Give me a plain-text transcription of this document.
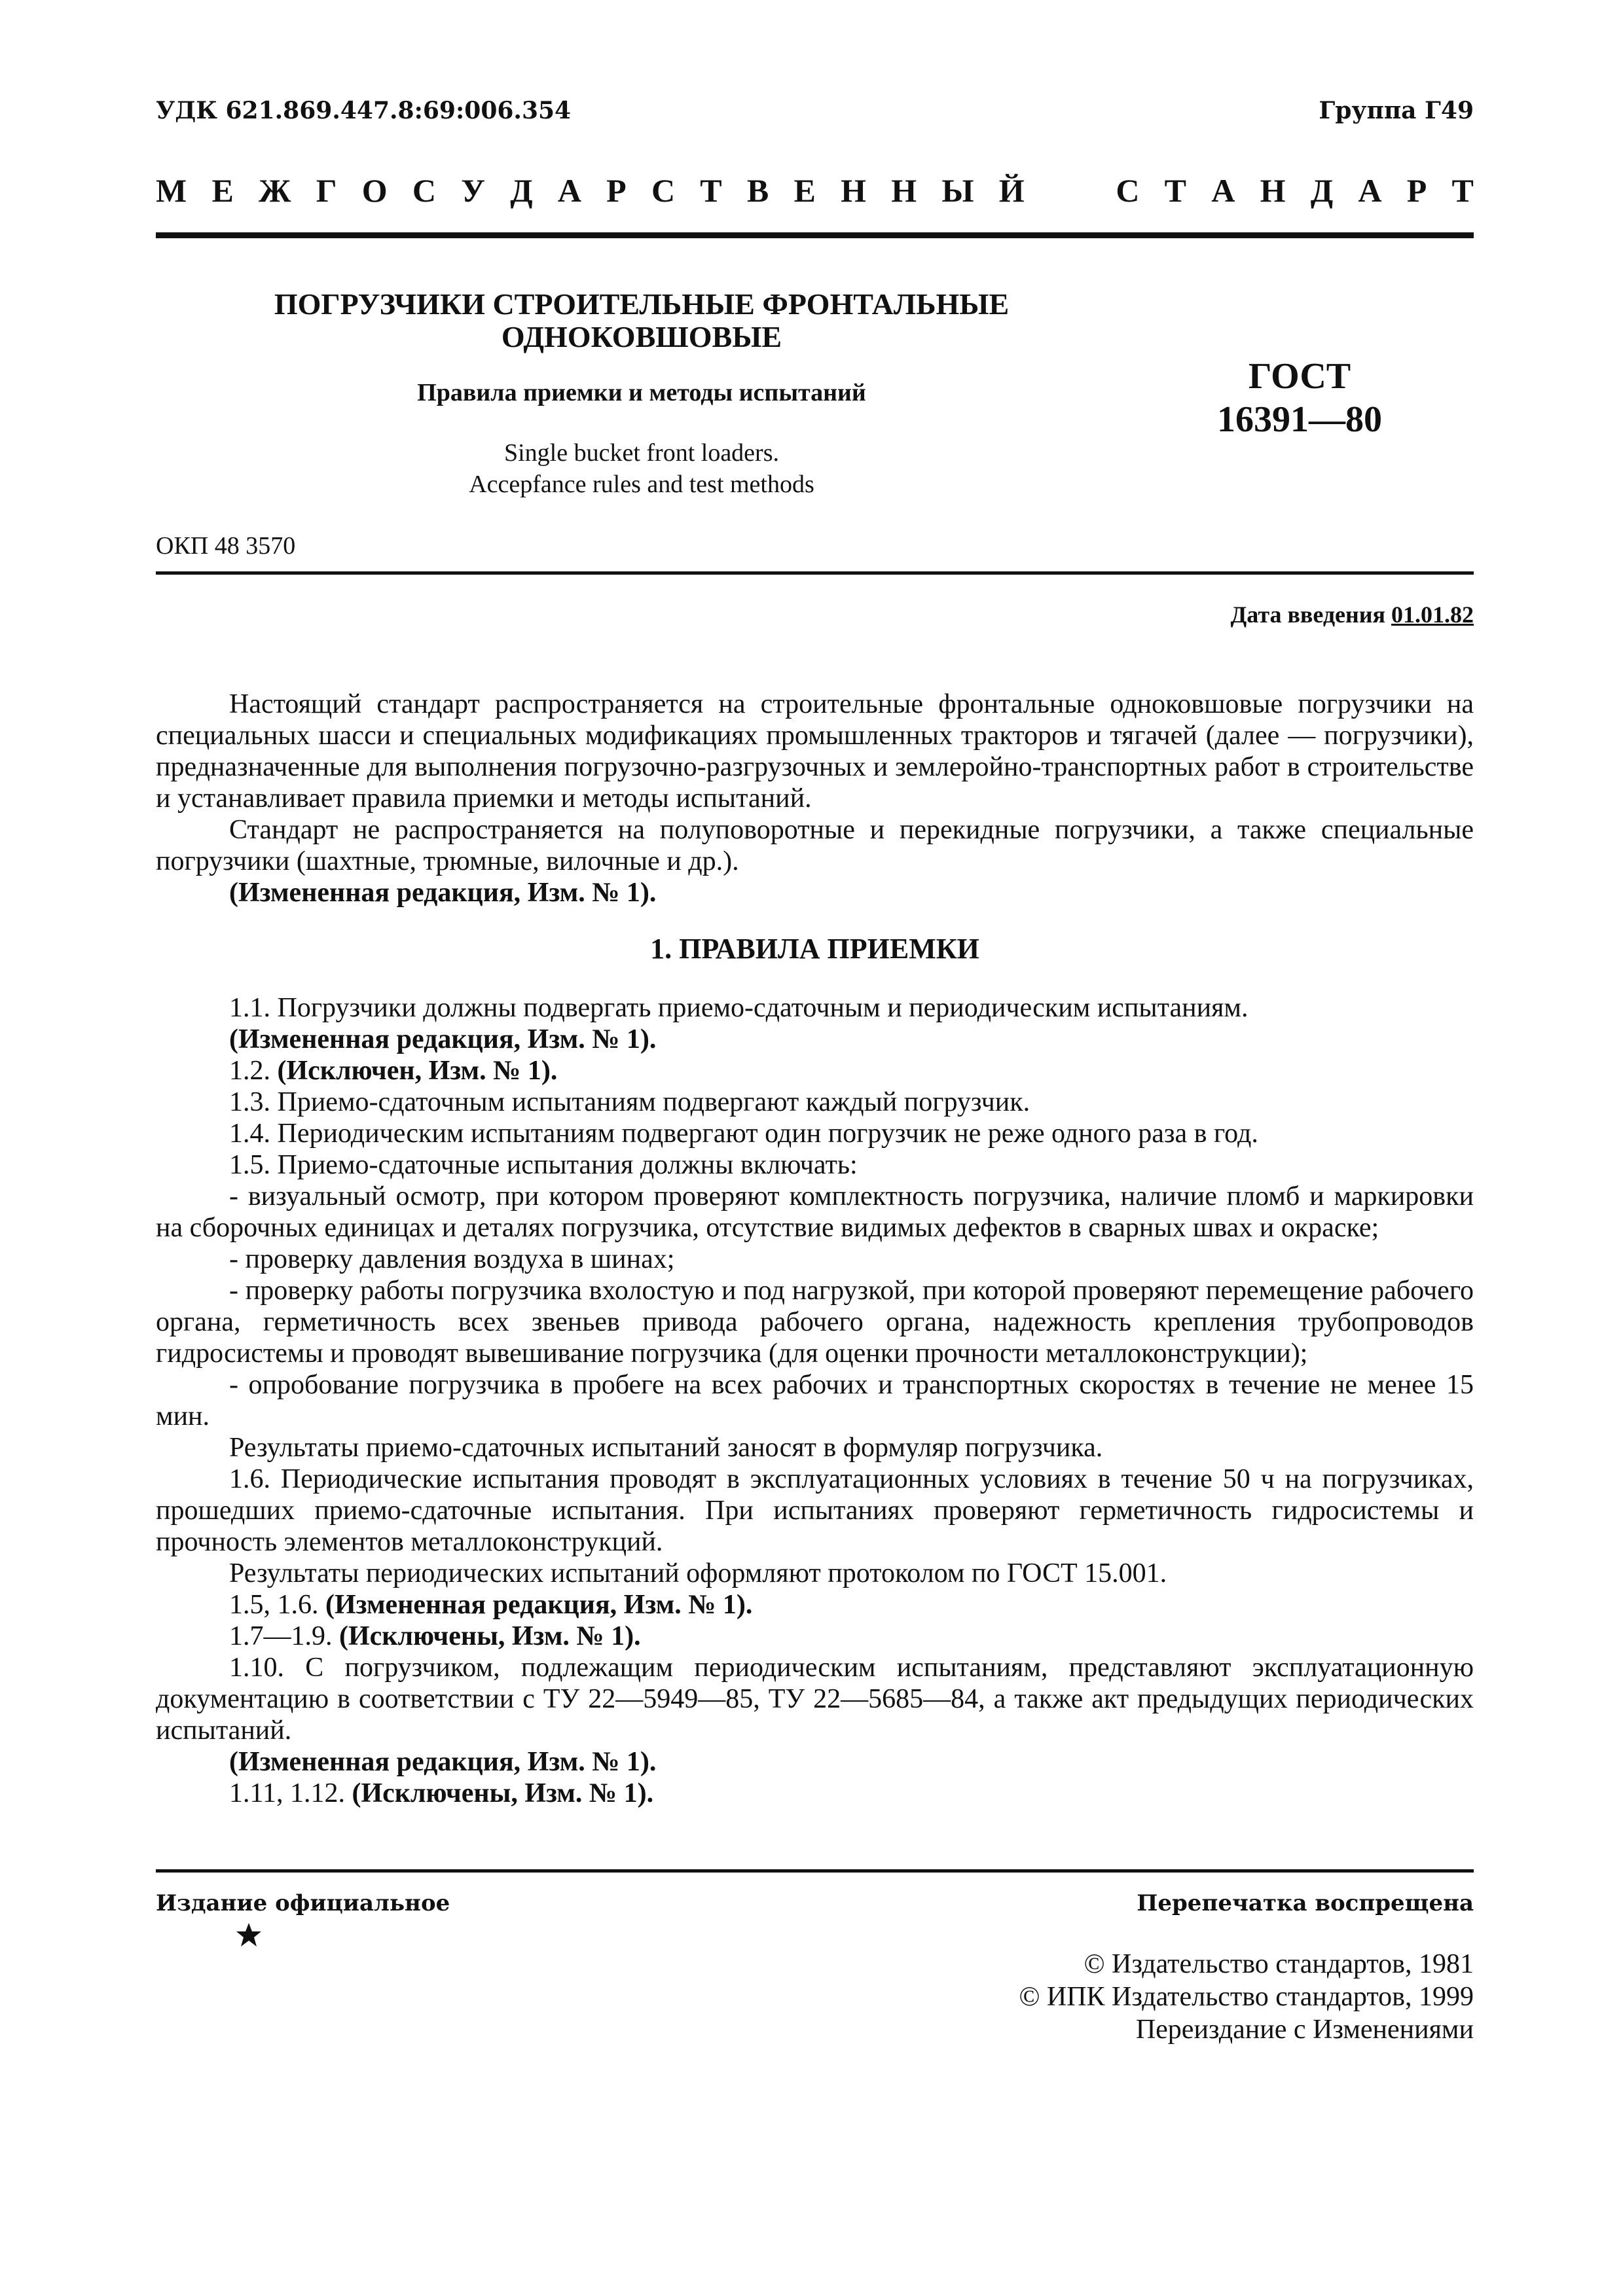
УДК 621.869.447.8:69:006.354	Группа Г49
М Е Ж Г О С У Д А Р С Т В Е Н Н Ы Й

	С Т А Н Д А Р Т
ПОГРУЗЧИКИ СТРОИТЕЛЬНЫЕ ФРОНТАЛЬНЫЕ
ОДНОКОВШОВЫЕ
Правила приемки и методы испытаний
Single bucket front loaders.
Accepfance rules and test methods
ГОСТ
16391—80
ОКП 48 3570
Дата введения 01.01.82

Настоящий стандарт распространяется на строительные фронтальные одноковшовые погрузчики на специальных шасси и специальных модификациях промышленных тракторов и тягачей (далее — погрузчики), предназначенные для выполнения погрузочно-разгрузочных и землеройно-транспортных работ в строительстве и устанавливает правила приемки и методы испытаний.

Стандарт не распространяется на полуповоротные и перекидные погрузчики, а также специальные погрузчики (шахтные, трюмные, вилочные и др.).

(Измененная редакция, Изм. № 1).

1. ПРАВИЛА ПРИЕМКИ

1.1. Погрузчики должны подвергать приемо-сдаточным и периодическим испытаниям.

(Измененная редакция, Изм. № 1).

1.2. (Исключен, Изм. № 1).

1.3. Приемо-сдаточным испытаниям подвергают каждый погрузчик.

1.4. Периодическим испытаниям подвергают один погрузчик не реже одного раза в год.

1.5. Приемо-сдаточные испытания должны включать:

- визуальный осмотр, при котором проверяют комплектность погрузчика, наличие пломб и маркировки на сборочных единицах и деталях погрузчика, отсутствие видимых дефектов в сварных швах и окраске;

- проверку давления воздуха в шинах;

- проверку работы погрузчика вхолостую и под нагрузкой, при которой проверяют перемещение рабочего органа, герметичность всех звеньев привода рабочего органа, надежность крепления трубопроводов гидросистемы и проводят вывешивание погрузчика (для оценки прочности металлоконструкции);

- опробование погрузчика в пробеге на всех рабочих и транспортных скоростях в течение не менее 15 мин.

Результаты приемо-сдаточных испытаний заносят в формуляр погрузчика.

1.6. Периодические испытания проводят в эксплуатационных условиях в течение 50 ч на погрузчиках, прошедших приемо-сдаточные испытания. При испытаниях проверяют герметичность гидросистемы и прочность элементов металлоконструкций.

Результаты периодических испытаний оформляют протоколом по ГОСТ 15.001.

1.5, 1.6. (Измененная редакция, Изм. № 1).

1.7—1.9. (Исключены, Изм. № 1).

1.10. С погрузчиком, подлежащим периодическим испытаниям, представляют эксплуатационную документацию в соответствии с ТУ 22—5949—85, ТУ 22—5685—84, а также акт предыдущих периодических испытаний.

(Измененная редакция, Изм. № 1).

1.11, 1.12. (Исключены, Изм. № 1).

Издание официальное	Перепечатка воспрещена
© Издательство стандартов, 1981
© ИПК Издательство стандартов, 1999
Переиздание с Изменениями
